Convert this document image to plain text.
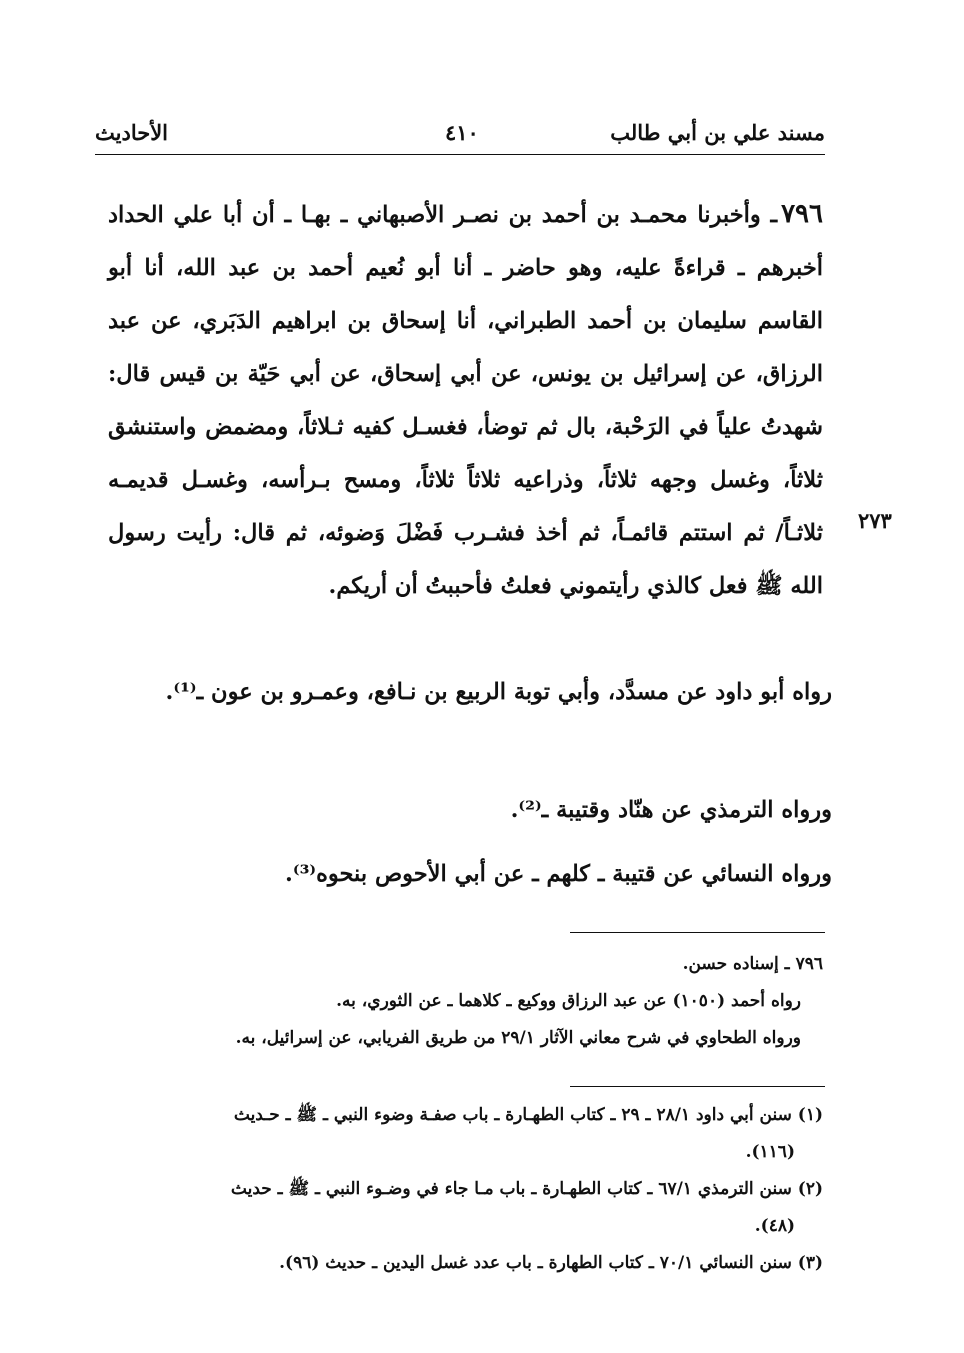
الأحاديث	٤١٠	مسند علي بن أبي طالب
٧٩٦ـ وأخبرنا محمـد بن أحمد بن نصـر الأصبهاني ـ بهـا ـ أن أبا علي الحداد أخبرهم ـ قراءةً عليه، وهو حاضر ـ أنا أبو نُعيم أحمد بن عبد الله، أنا أبو القاسم سليمان بن أحمد الطبراني، أنا إسحاق بن ابراهيم الدَبَري، عن عبد الرزاق، عن إسرائيل بن يونس، عن أبي إسحاق، عن أبي حَيّة بن قيس قال: شهدتُ علياً في الرَحْبة، بال ثم توضأ، فغسـل كفيه ثـلاثاً، ومضمض واستنشق ثلاثاً، وغسل وجهه ثلاثاً، وذراعيه ثلاثاً ثلاثاً، ومسح بـرأسه، وغسـل قديمـه ثلاثـاً/ ثم استتم قائمـاً، ثم أخذ فشـرب فَضْلَ وَضوئه، ثم قال: رأيت رسول الله ﷺ فعل كالذي رأيتموني فعلتُ فأحببتُ أن أريكم.
٢٧٣
رواه أبو داود عن مسدَّد، وأبي توبة الربيع بن نـافع، وعمـرو بن عون ـ⁽¹⁾.
ورواه الترمذي عن هنّاد وقتيبة ـ⁽²⁾.
ورواه النسائي عن قتيبة ـ كلهم ـ عن أبي الأحوص بنحوه⁽³⁾.
٧٩٦ ـ إسناده حسن.
رواه أحمد (١٠٥٠) عن عبد الرزاق ووكيع ـ كلاهما ـ عن الثوري، به.
ورواه الطحاوي في شرح معاني الآثار ٢٩/١ من طريق الفريابي، عن إسرائيل، به.
(١) سنن أبي داود ٢٨/١ ـ ٢٩ ـ كتاب الطهـارة ـ باب صفـة وضوء النبي ـ ﷺ ـ حـديث
(١١٦).
(٢) سنن الترمذي ٦٧/١ ـ كتاب الطهـارة ـ باب مـا جاء في وضـوء النبي ـ ﷺ ـ حديث
(٤٨).
(٣) سنن النسائي ٧٠/١ ـ كتاب الطهارة ـ باب عدد غسل اليدين ـ حديث (٩٦).
